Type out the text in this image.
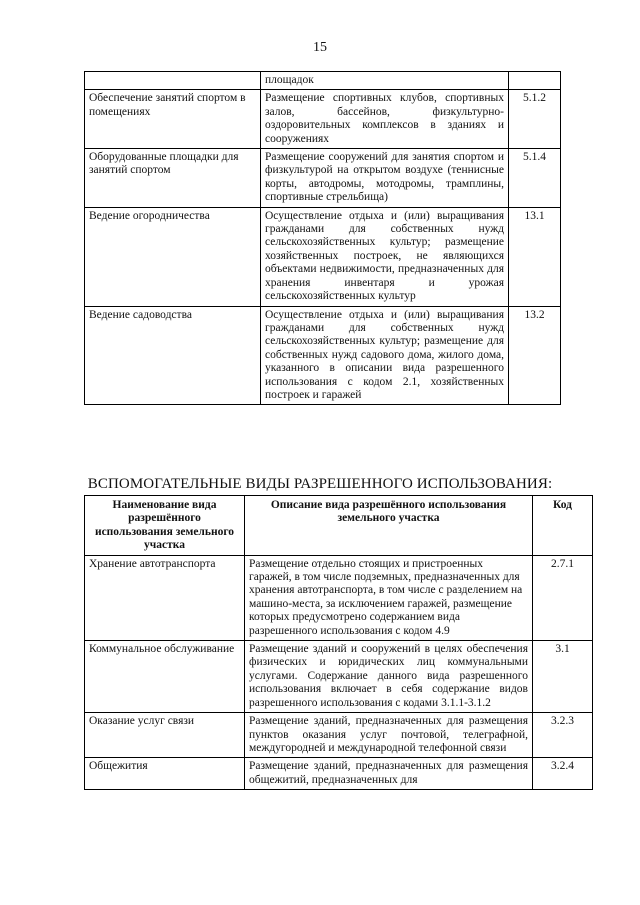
15
	площадок	
Обеспечение занятий спортом в помещениях	Размещение спортивных клубов, спортивных залов, бассейнов, физкультурно-оздоровительных комплексов в зданиях и сооружениях	5.1.2
Оборудованные площадки для занятий спортом	Размещение сооружений для занятия спортом и физкультурой на открытом воздухе (теннисные корты, автодромы, мотодромы, трамплины, спортивные стрельбища)	5.1.4
Ведение огородничества	Осуществление отдыха и (или) выращивания гражданами для собственных нужд сельскохозяйственных культур; размещение хозяйственных построек, не являющихся объектами недвижимости, предназначенных для хранения инвентаря и урожая сельскохозяйственных культур	13.1
Ведение садоводства	Осуществление отдыха и (или) выращивания гражданами для собственных нужд сельскохозяйственных культур; размещение для собственных нужд садового дома, жилого дома, указанного в описании вида разрешенного использования с кодом 2.1, хозяйственных построек и гаражей	13.2
ВСПОМОГАТЕЛЬНЫЕ ВИДЫ РАЗРЕШЕННОГО ИСПОЛЬЗОВАНИЯ:
Наименование вида разрешённого использования земельного участка	Описание вида разрешённого использования земельного участка	Код
Хранение автотранспорта	Размещение отдельно стоящих и пристроенных гаражей, в том числе подземных, предназначенных для хранения автотранспорта, в том числе с разделением на машино-места, за исключением гаражей, размещение которых предусмотрено содержанием вида разрешенного использования с кодом 4.9	2.7.1
Коммунальное обслуживание	Размещение зданий и сооружений в целях обеспечения физических и юридических лиц коммунальными услугами. Содержание данного вида разрешенного использования включает в себя содержание видов разрешенного использования с кодами 3.1.1-3.1.2	3.1
Оказание услуг связи	Размещение зданий, предназначенных для размещения пунктов оказания услуг почтовой, телеграфной, междугородней и международной телефонной связи	3.2.3
Общежития	Размещение зданий, предназначенных для размещения общежитий, предназначенных для	3.2.4
